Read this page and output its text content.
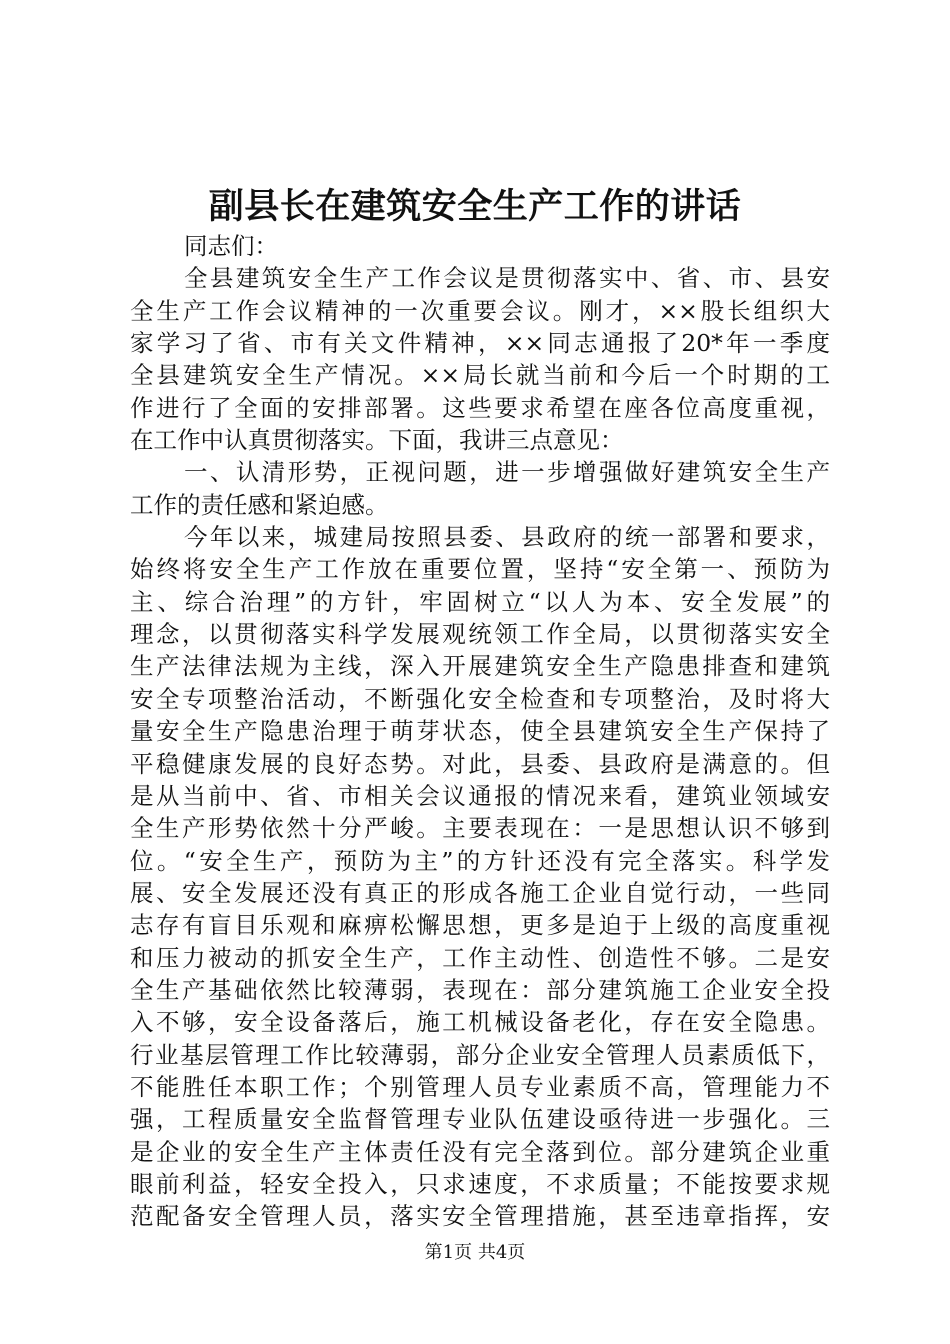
副县长在建筑安全生产工作的讲话
同志们：
全县建筑安全生产工作会议是贯彻落实中、省、市、县安
全生产工作会议精神的一次重要会议。刚才，××股长组织大
家学习了省、市有关文件精神，××同志通报了20*年一季度
全县建筑安全生产情况。××局长就当前和今后一个时期的工
作进行了全面的安排部署。这些要求希望在座各位高度重视，
在工作中认真贯彻落实。下面，我讲三点意见：
一、认清形势，正视问题，进一步增强做好建筑安全生产
工作的责任感和紧迫感。
今年以来，城建局按照县委、县政府的统一部署和要求，
始终将安全生产工作放在重要位置，坚持“安全第一、预防为
主、综合治理”的方针，牢固树立“以人为本、安全发展”的
理念，以贯彻落实科学发展观统领工作全局，以贯彻落实安全
生产法律法规为主线，深入开展建筑安全生产隐患排查和建筑
安全专项整治活动，不断强化安全检查和专项整治，及时将大
量安全生产隐患治理于萌芽状态，使全县建筑安全生产保持了
平稳健康发展的良好态势。对此，县委、县政府是满意的。但
是从当前中、省、市相关会议通报的情况来看，建筑业领域安
全生产形势依然十分严峻。主要表现在：一是思想认识不够到
位。“安全生产，预防为主”的方针还没有完全落实。科学发
展、安全发展还没有真正的形成各施工企业自觉行动，一些同
志存有盲目乐观和麻痹松懈思想，更多是迫于上级的高度重视
和压力被动的抓安全生产，工作主动性、创造性不够。二是安
全生产基础依然比较薄弱，表现在：部分建筑施工企业安全投
入不够，安全设备落后，施工机械设备老化，存在安全隐患。
行业基层管理工作比较薄弱，部分企业安全管理人员素质低下，
不能胜任本职工作；个别管理人员专业素质不高，管理能力不
强，工程质量安全监督管理专业队伍建设亟待进一步强化。三
是企业的安全生产主体责任没有完全落到位。部分建筑企业重
眼前利益，轻安全投入，只求速度，不求质量；不能按要求规
范配备安全管理人员，落实安全管理措施，甚至违章指挥，安
第1页 共4页
